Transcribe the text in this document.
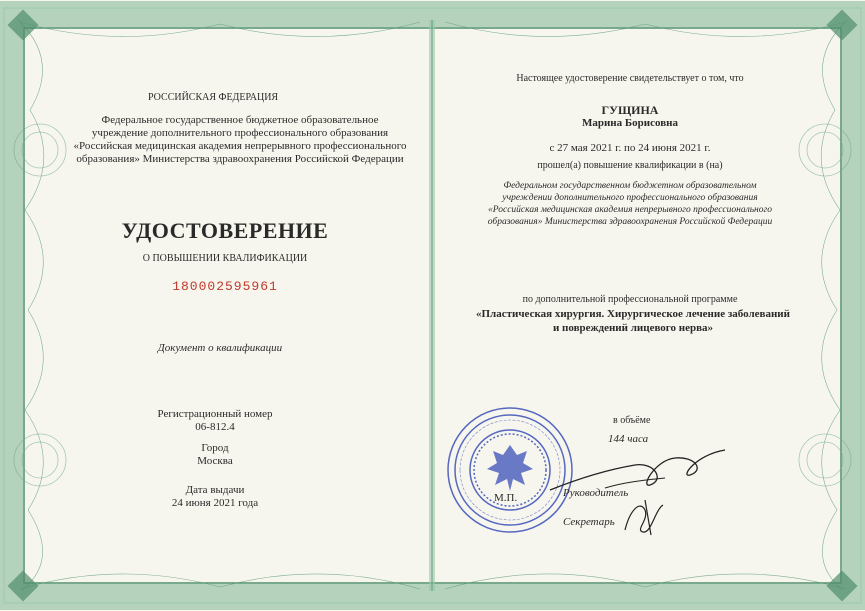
РОССИЙСКАЯ ФЕДЕРАЦИЯ
Федеральное государственное бюджетное образовательное
учреждение дополнительного профессионального образования
«Российская медицинская академия непрерывного профессионального
образования» Министерства здравоохранения Российской Федерации
УДОСТОВЕРЕНИЕ
О ПОВЫШЕНИИ КВАЛИФИКАЦИИ
180002595961
Документ о квалификации
Регистрационный номер
06-812.4
Город
Москва
Дата выдачи
24 июня 2021 года
Настоящее удостоверение свидетельствует о том, что
ГУЩИНА
Марина Борисовна
с 27 мая 2021 г. по 24 июня 2021 г.
прошел(а) повышение квалификации в (на)
Федеральном государственном бюджетном образовательном
учреждении дополнительного профессионального образования
«Российская медицинская академия непрерывного профессионального
образования» Министерства здравоохранения Российской Федерации
по дополнительной профессиональной программе
«Пластическая хирургия. Хирургическое лечение заболеваний
и повреждений лицевого нерва»
в объёме
144 часа
М.П.	Руководитель
Секретарь
